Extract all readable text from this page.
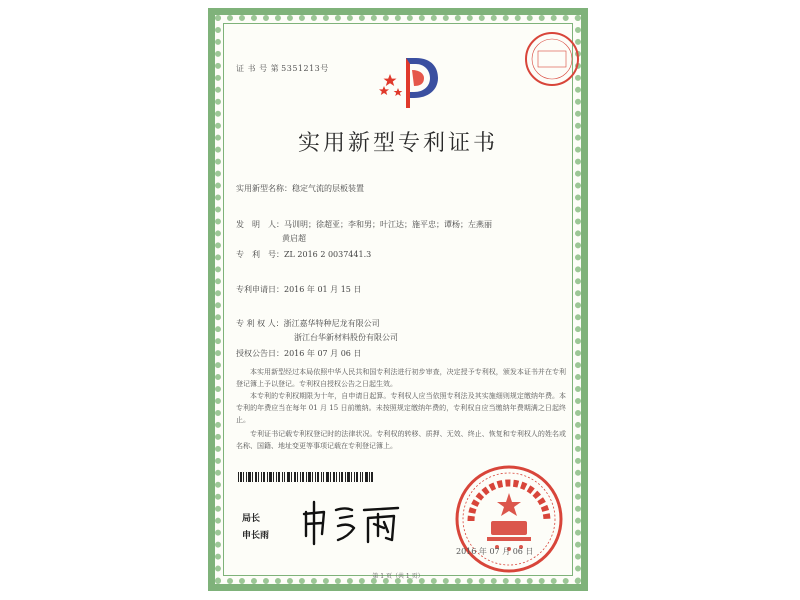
证 书 号 第 5351213号
实用新型专利证书
实用新型名称：稳定气流的层板装置
发　明　人：马训明；徐超亚；李和男；叶江达；施平忠；谭杨；左燕丽
黄启超
专　利　号：ZL 2016 2 0037441.3
专利申请日：2016 年 01 月 15 日
专 利 权 人：浙江嘉华特种尼龙有限公司
浙江台华新材料股份有限公司
授权公告日：2016 年 07 月 06 日
本实用新型经过本局依照中华人民共和国专利法进行初步审查，决定授予专利权，颁发本证书并在专利登记簿上予以登记。专利权自授权公告之日起生效。
本专利的专利权期限为十年，自申请日起算。专利权人应当依照专利法及其实施细则规定缴纳年费。本专利的年费应当在每年 01 月 15 日前缴纳。未按照规定缴纳年费的，专利权自应当缴纳年费期满之日起终止。
专利证书记载专利权登记时的法律状况。专利权的转移、质押、无效、终止、恢复和专利权人的姓名或名称、国籍、地址变更等事项记载在专利登记簿上。
局长
申长雨
2016 年 07 月 06 日
第 1 页（共 1 页）
